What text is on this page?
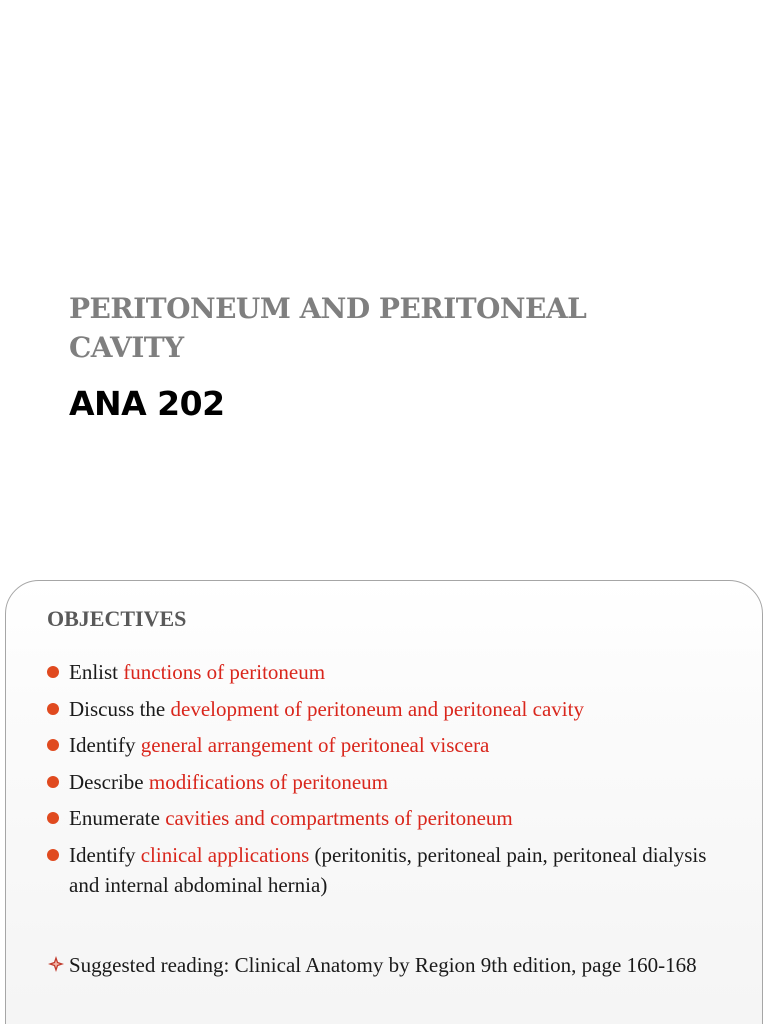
PERITONEUM AND PERITONEAL CAVITY
ANA 202
OBJECTIVES
Enlist functions of peritoneum
Discuss the development of peritoneum and peritoneal cavity
Identify general arrangement of peritoneal viscera
Describe modifications of peritoneum
Enumerate cavities and compartments of peritoneum
Identify clinical applications (peritonitis, peritoneal pain, peritoneal dialysis and internal abdominal hernia)

Suggested reading: Clinical Anatomy by Region 9th edition, page 160-168
